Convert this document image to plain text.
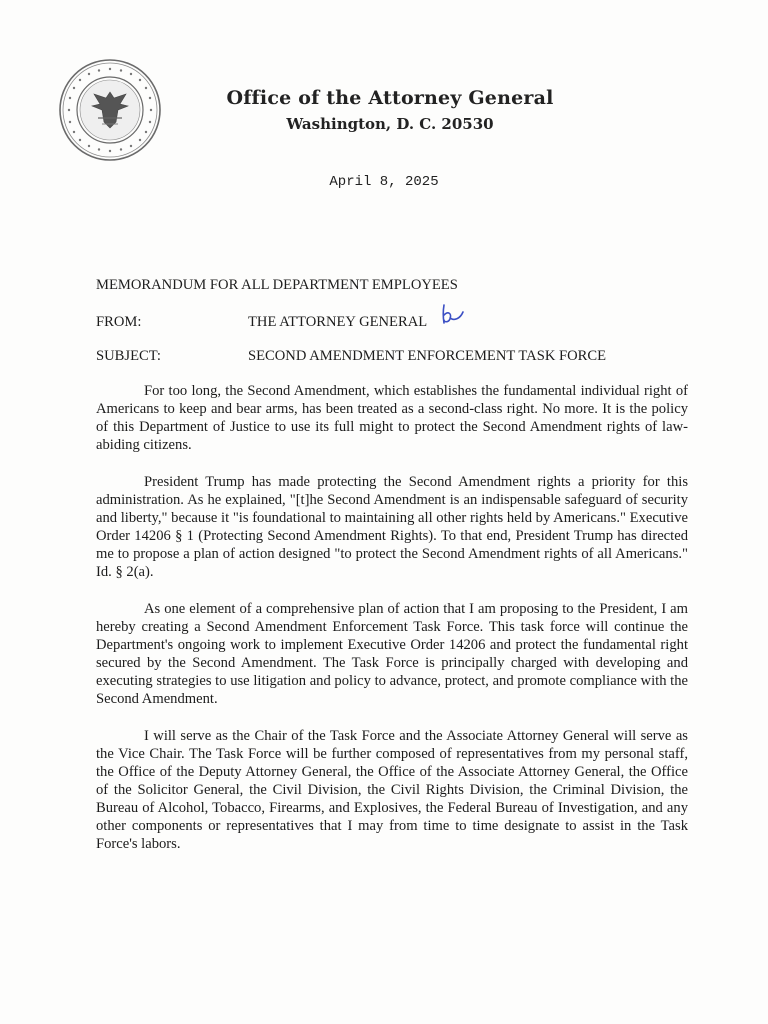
Office of the Attorney General
Washington, D. C. 20530
April 8, 2025
MEMORANDUM FOR ALL DEPARTMENT EMPLOYEES
FROM:	THE ATTORNEY GENERAL
SUBJECT:	SECOND AMENDMENT ENFORCEMENT TASK FORCE

For too long, the Second Amendment, which establishes the fundamental individual right of Americans to keep and bear arms, has been treated as a second-class right. No more. It is the policy of this Department of Justice to use its full might to protect the Second Amendment rights of law-abiding citizens.

President Trump has made protecting the Second Amendment rights a priority for this administration. As he explained, "[t]he Second Amendment is an indispensable safeguard of security and liberty," because it "is foundational to maintaining all other rights held by Americans." Executive Order 14206 § 1 (Protecting Second Amendment Rights). To that end, President Trump has directed me to propose a plan of action designed "to protect the Second Amendment rights of all Americans." Id. § 2(a).

As one element of a comprehensive plan of action that I am proposing to the President, I am hereby creating a Second Amendment Enforcement Task Force. This task force will continue the Department's ongoing work to implement Executive Order 14206 and protect the fundamental right secured by the Second Amendment. The Task Force is principally charged with developing and executing strategies to use litigation and policy to advance, protect, and promote compliance with the Second Amendment.

I will serve as the Chair of the Task Force and the Associate Attorney General will serve as the Vice Chair. The Task Force will be further composed of representatives from my personal staff, the Office of the Deputy Attorney General, the Office of the Associate Attorney General, the Office of the Solicitor General, the Civil Division, the Civil Rights Division, the Criminal Division, the Bureau of Alcohol, Tobacco, Firearms, and Explosives, the Federal Bureau of Investigation, and any other components or representatives that I may from time to time designate to assist in the Task Force's labors.
